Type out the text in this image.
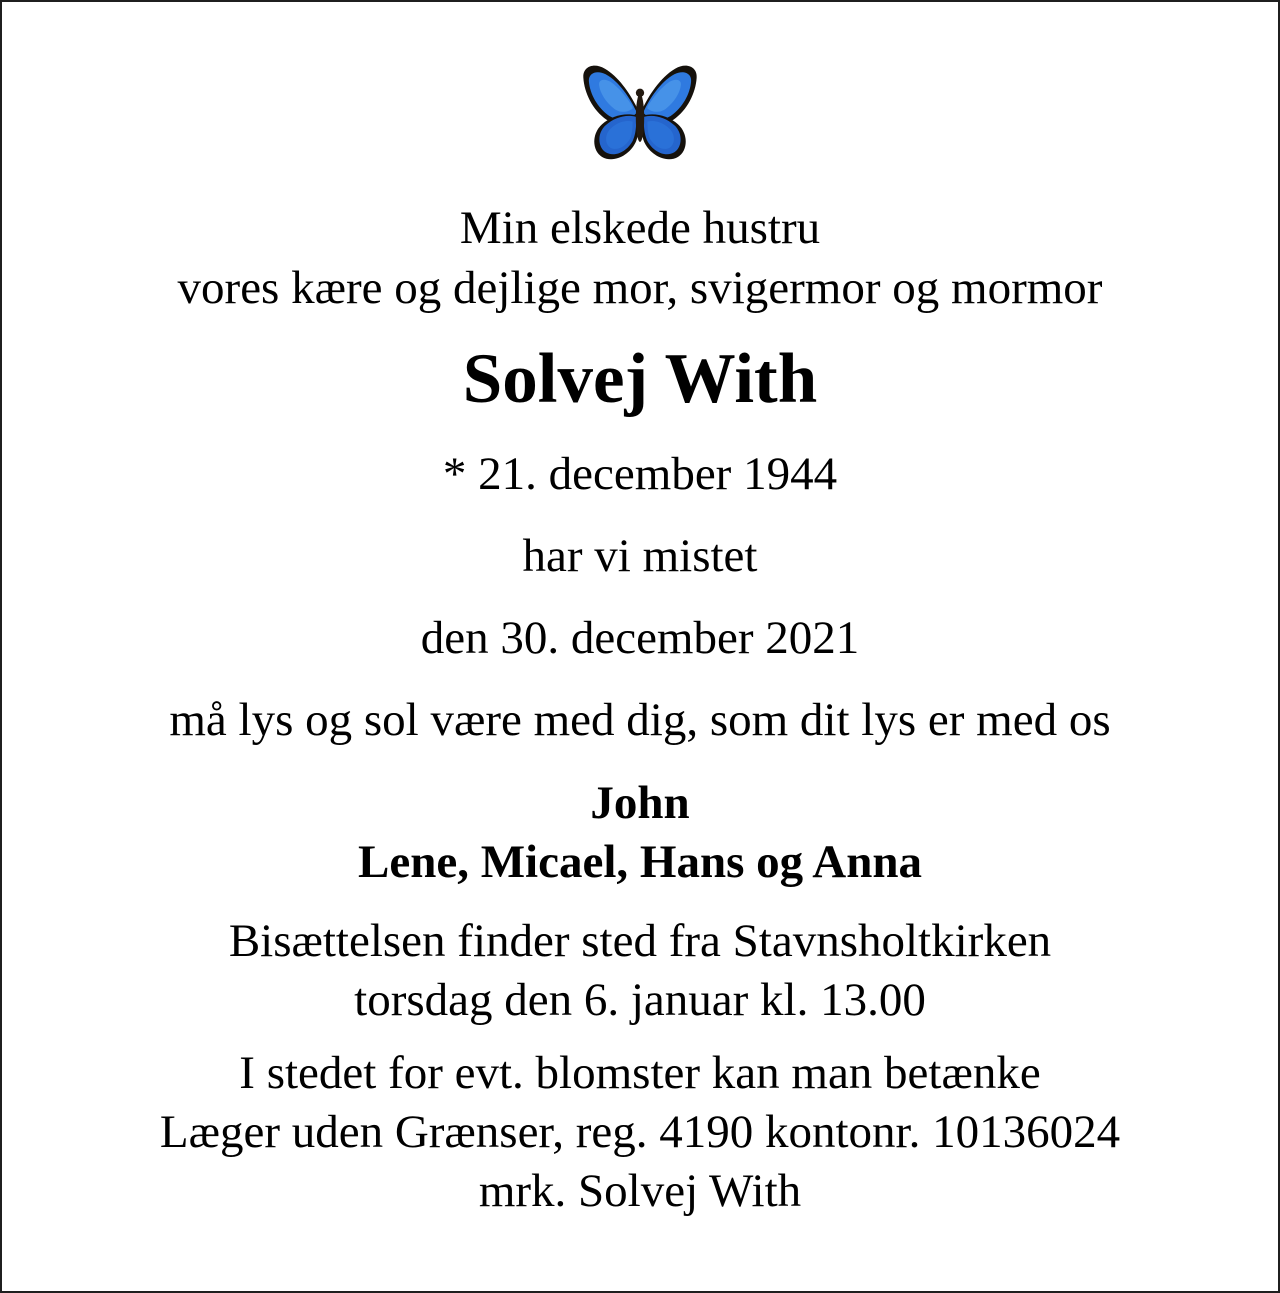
Min elskede hustru
vores kære og dejlige mor, svigermor og mormor
Solvej With
* 21. december 1944
har vi mistet
den 30. december 2021
må lys og sol være med dig, som dit lys er med os
John
Lene, Micael, Hans og Anna
Bisættelsen finder sted fra Stavnsholtkirken
torsdag den 6. januar kl. 13.00
I stedet for evt. blomster kan man betænke
Læger uden Grænser, reg. 4190 kontonr. 10136024
mrk. Solvej With
